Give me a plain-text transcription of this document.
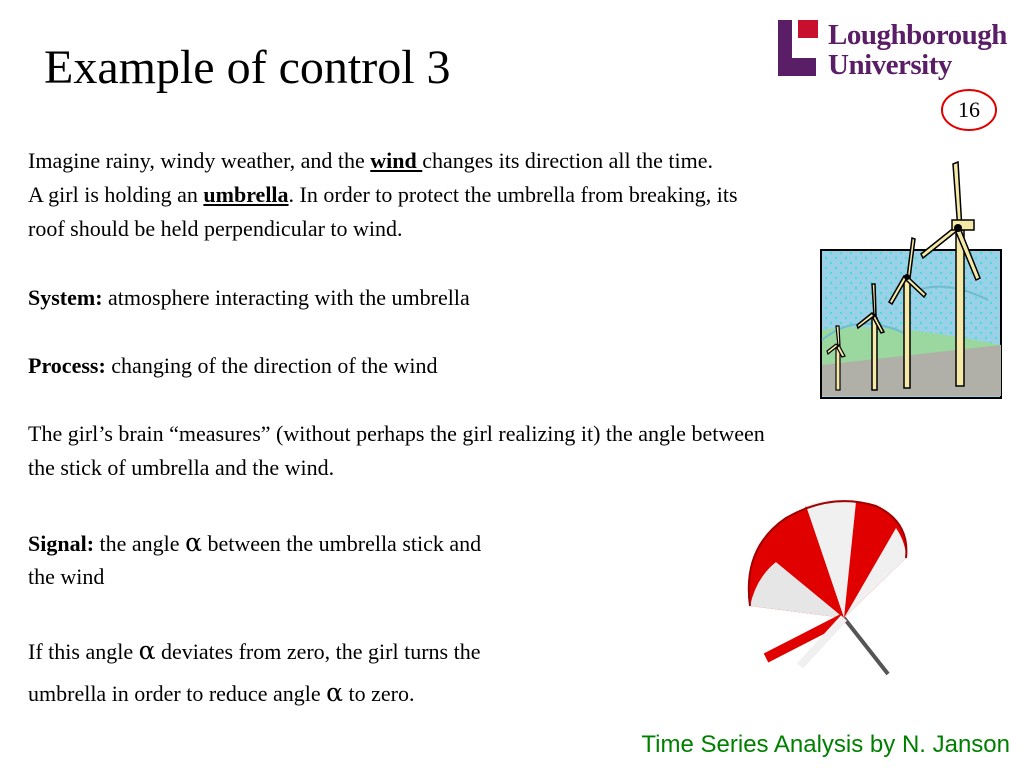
Example of control 3
Loughborough
University
16

Imagine rainy, windy weather, and the wind changes its direction all the time.

A girl is holding an umbrella. In order to protect the umbrella from breaking, its

roof should be held perpendicular to wind.

System: atmosphere interacting with the umbrella

Process: changing of the direction of the wind

The girl’s brain “measures” (without perhaps the girl realizing it) the angle between

the stick of umbrella and the wind.

Signal: the angle α between the umbrella stick and

the wind

If this angle α deviates from zero, the girl turns the

umbrella in order to reduce angle α to zero.

Time Series Analysis by N. Janson
